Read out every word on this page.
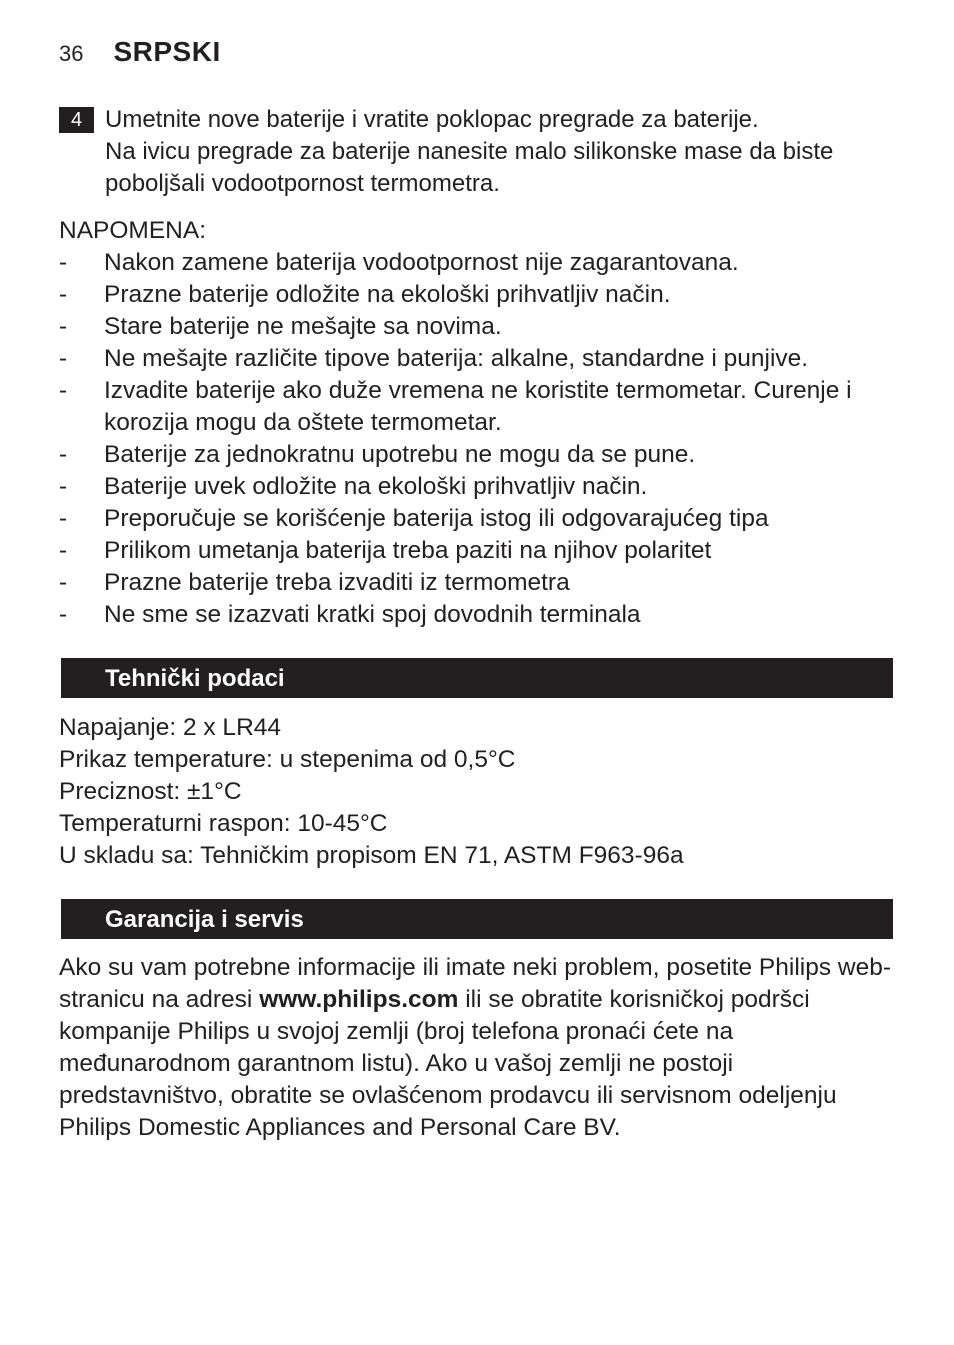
36 SRPSKI
4 Umetnite nove baterije i vratite poklopac pregrade za baterije.

Na ivicu pregrade za baterije nanesite malo silikonske mase da biste poboljšali vodootpornost termometra.

NAPOMENA:

- Nakon zamene baterija vodootpornost nije zagarantovana.
- Prazne baterije odložite na ekološki prihvatljiv način.
- Stare baterije ne mešajte sa novima.
- Ne mešajte različite tipove baterija: alkalne, standardne i punjive.
- Izvadite baterije ako duže vremena ne koristite termometar. Curenje i korozija mogu da oštete termometar.
- Baterije za jednokratnu upotrebu ne mogu da se pune.
- Baterije uvek odložite na ekološki prihvatljiv način.
- Preporučuje se korišćenje baterija istog ili odgovarajućeg tipa
- Prilikom umetanja baterija treba paziti na njihov polaritet
- Prazne baterije treba izvaditi iz termometra
- Ne sme se izazvati kratki spoj dovodnih terminala
Tehnički podaci
Napajanje: 2 x LR44
Prikaz temperature: u stepenima od 0,5°C
Preciznost: ±1°C
Temperaturni raspon: 10-45°C
U skladu sa: Tehničkim propisom EN 71, ASTM F963-96a
Garancija i servis

Ako su vam potrebne informacije ili imate neki problem, posetite Philips web-stranicu na adresi www.philips.com ili se obratite korisničkoj podršci kompanije Philips u svojoj zemlji (broj telefona pronaći ćete na međunarodnom garantnom listu). Ako u vašoj zemlji ne postoji predstavništvo, obratite se ovlašćenom prodavcu ili servisnom odeljenju Philips Domestic Appliances and Personal Care BV.
